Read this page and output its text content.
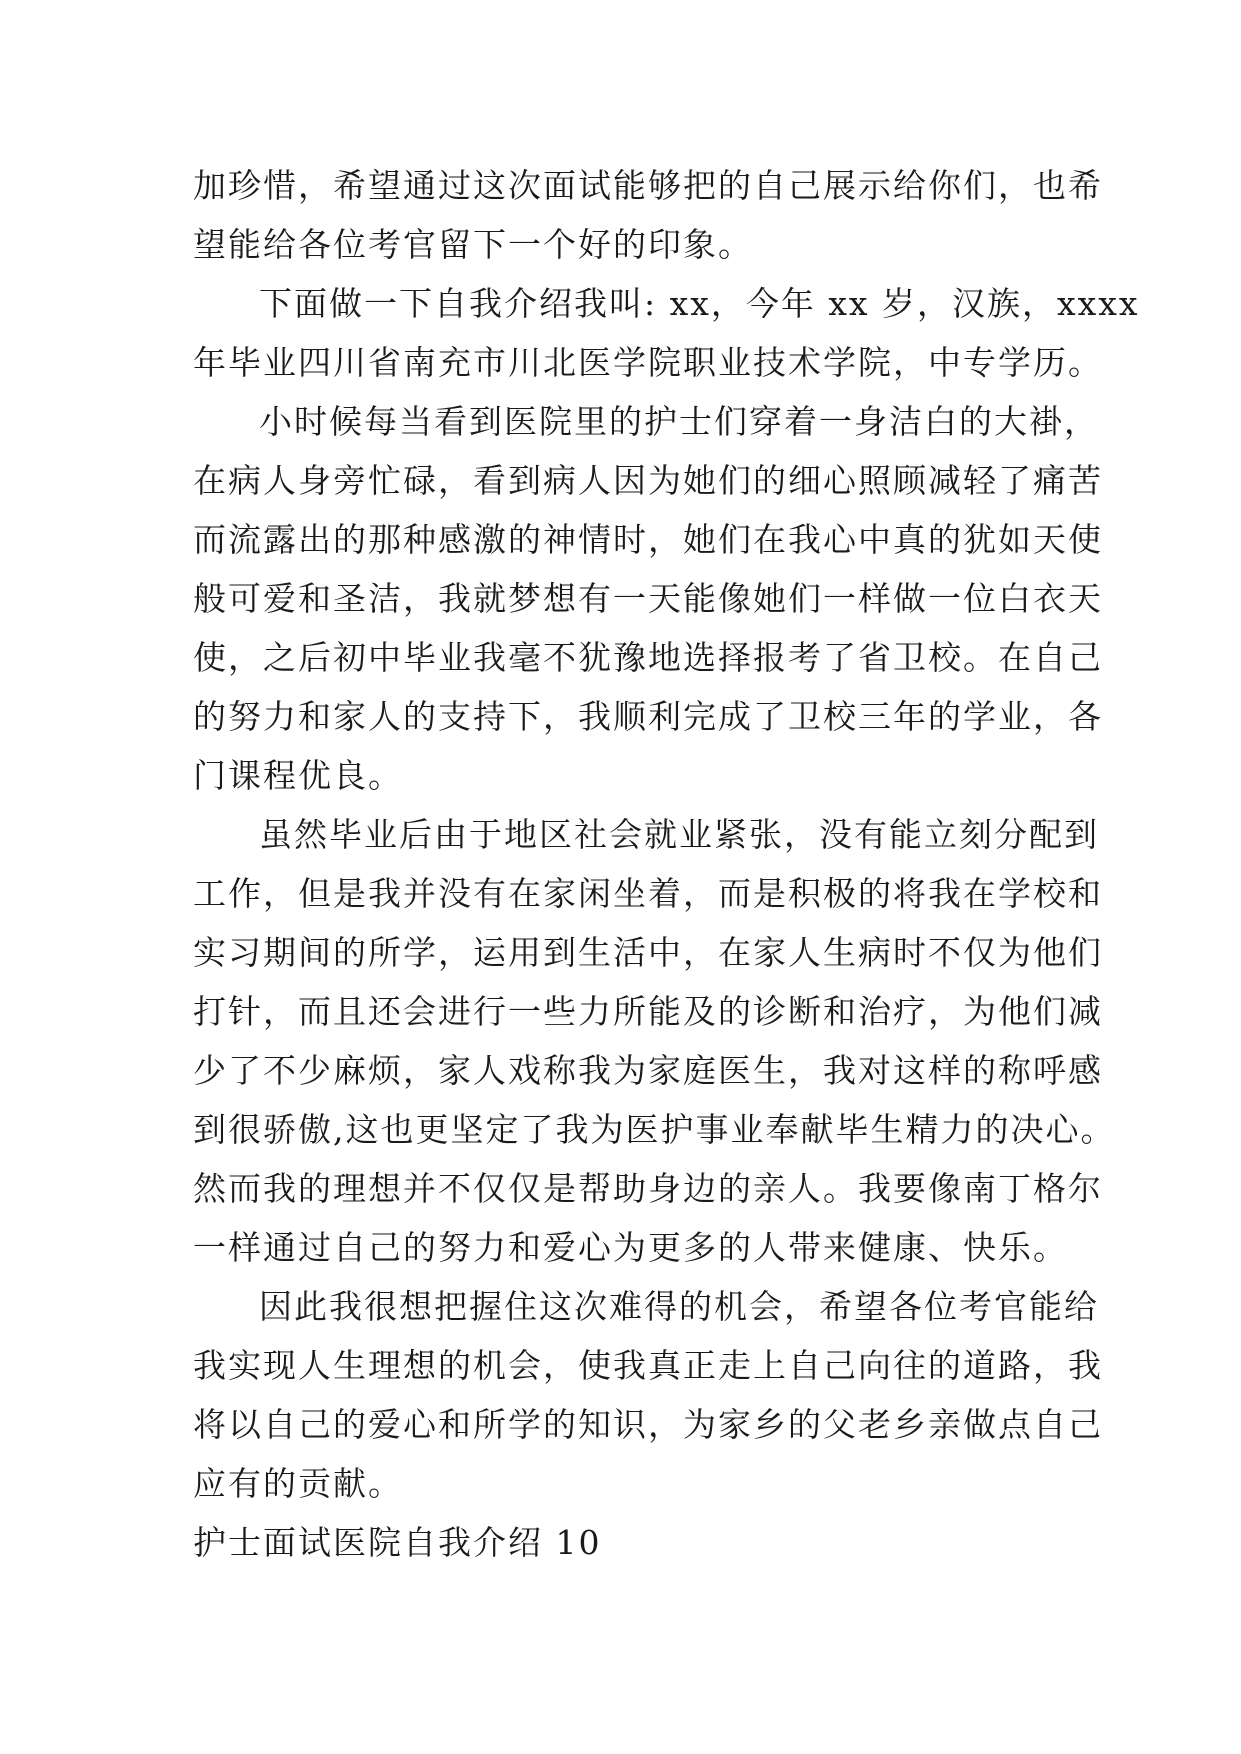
加珍惜，希望通过这次面试能够把的自己展示给你们，也希
望能给各位考官留下一个好的印象。
下面做一下自我介绍我叫: xx，今年 xx 岁，汉族，xxxx
年毕业四川省南充市川北医学院职业技术学院，中专学历。
小时候每当看到医院里的护士们穿着一身洁白的大褂，
在病人身旁忙碌，看到病人因为她们的细心照顾减轻了痛苦
而流露出的那种感激的神情时，她们在我心中真的犹如天使
般可爱和圣洁，我就梦想有一天能像她们一样做一位白衣天
使，之后初中毕业我毫不犹豫地选择报考了省卫校。在自己
的努力和家人的支持下，我顺利完成了卫校三年的学业，各
门课程优良。
虽然毕业后由于地区社会就业紧张，没有能立刻分配到
工作，但是我并没有在家闲坐着，而是积极的将我在学校和
实习期间的所学，运用到生活中，在家人生病时不仅为他们
打针，而且还会进行一些力所能及的诊断和治疗，为他们减
少了不少麻烦，家人戏称我为家庭医生，我对这样的称呼感
到很骄傲,这也更坚定了我为医护事业奉献毕生精力的决心。
然而我的理想并不仅仅是帮助身边的亲人。我要像南丁格尔
一样通过自己的努力和爱心为更多的人带来健康、快乐。
因此我很想把握住这次难得的机会，希望各位考官能给
我实现人生理想的机会，使我真正走上自己向往的道路，我
将以自己的爱心和所学的知识，为家乡的父老乡亲做点自己
应有的贡献。
护士面试医院自我介绍 10
